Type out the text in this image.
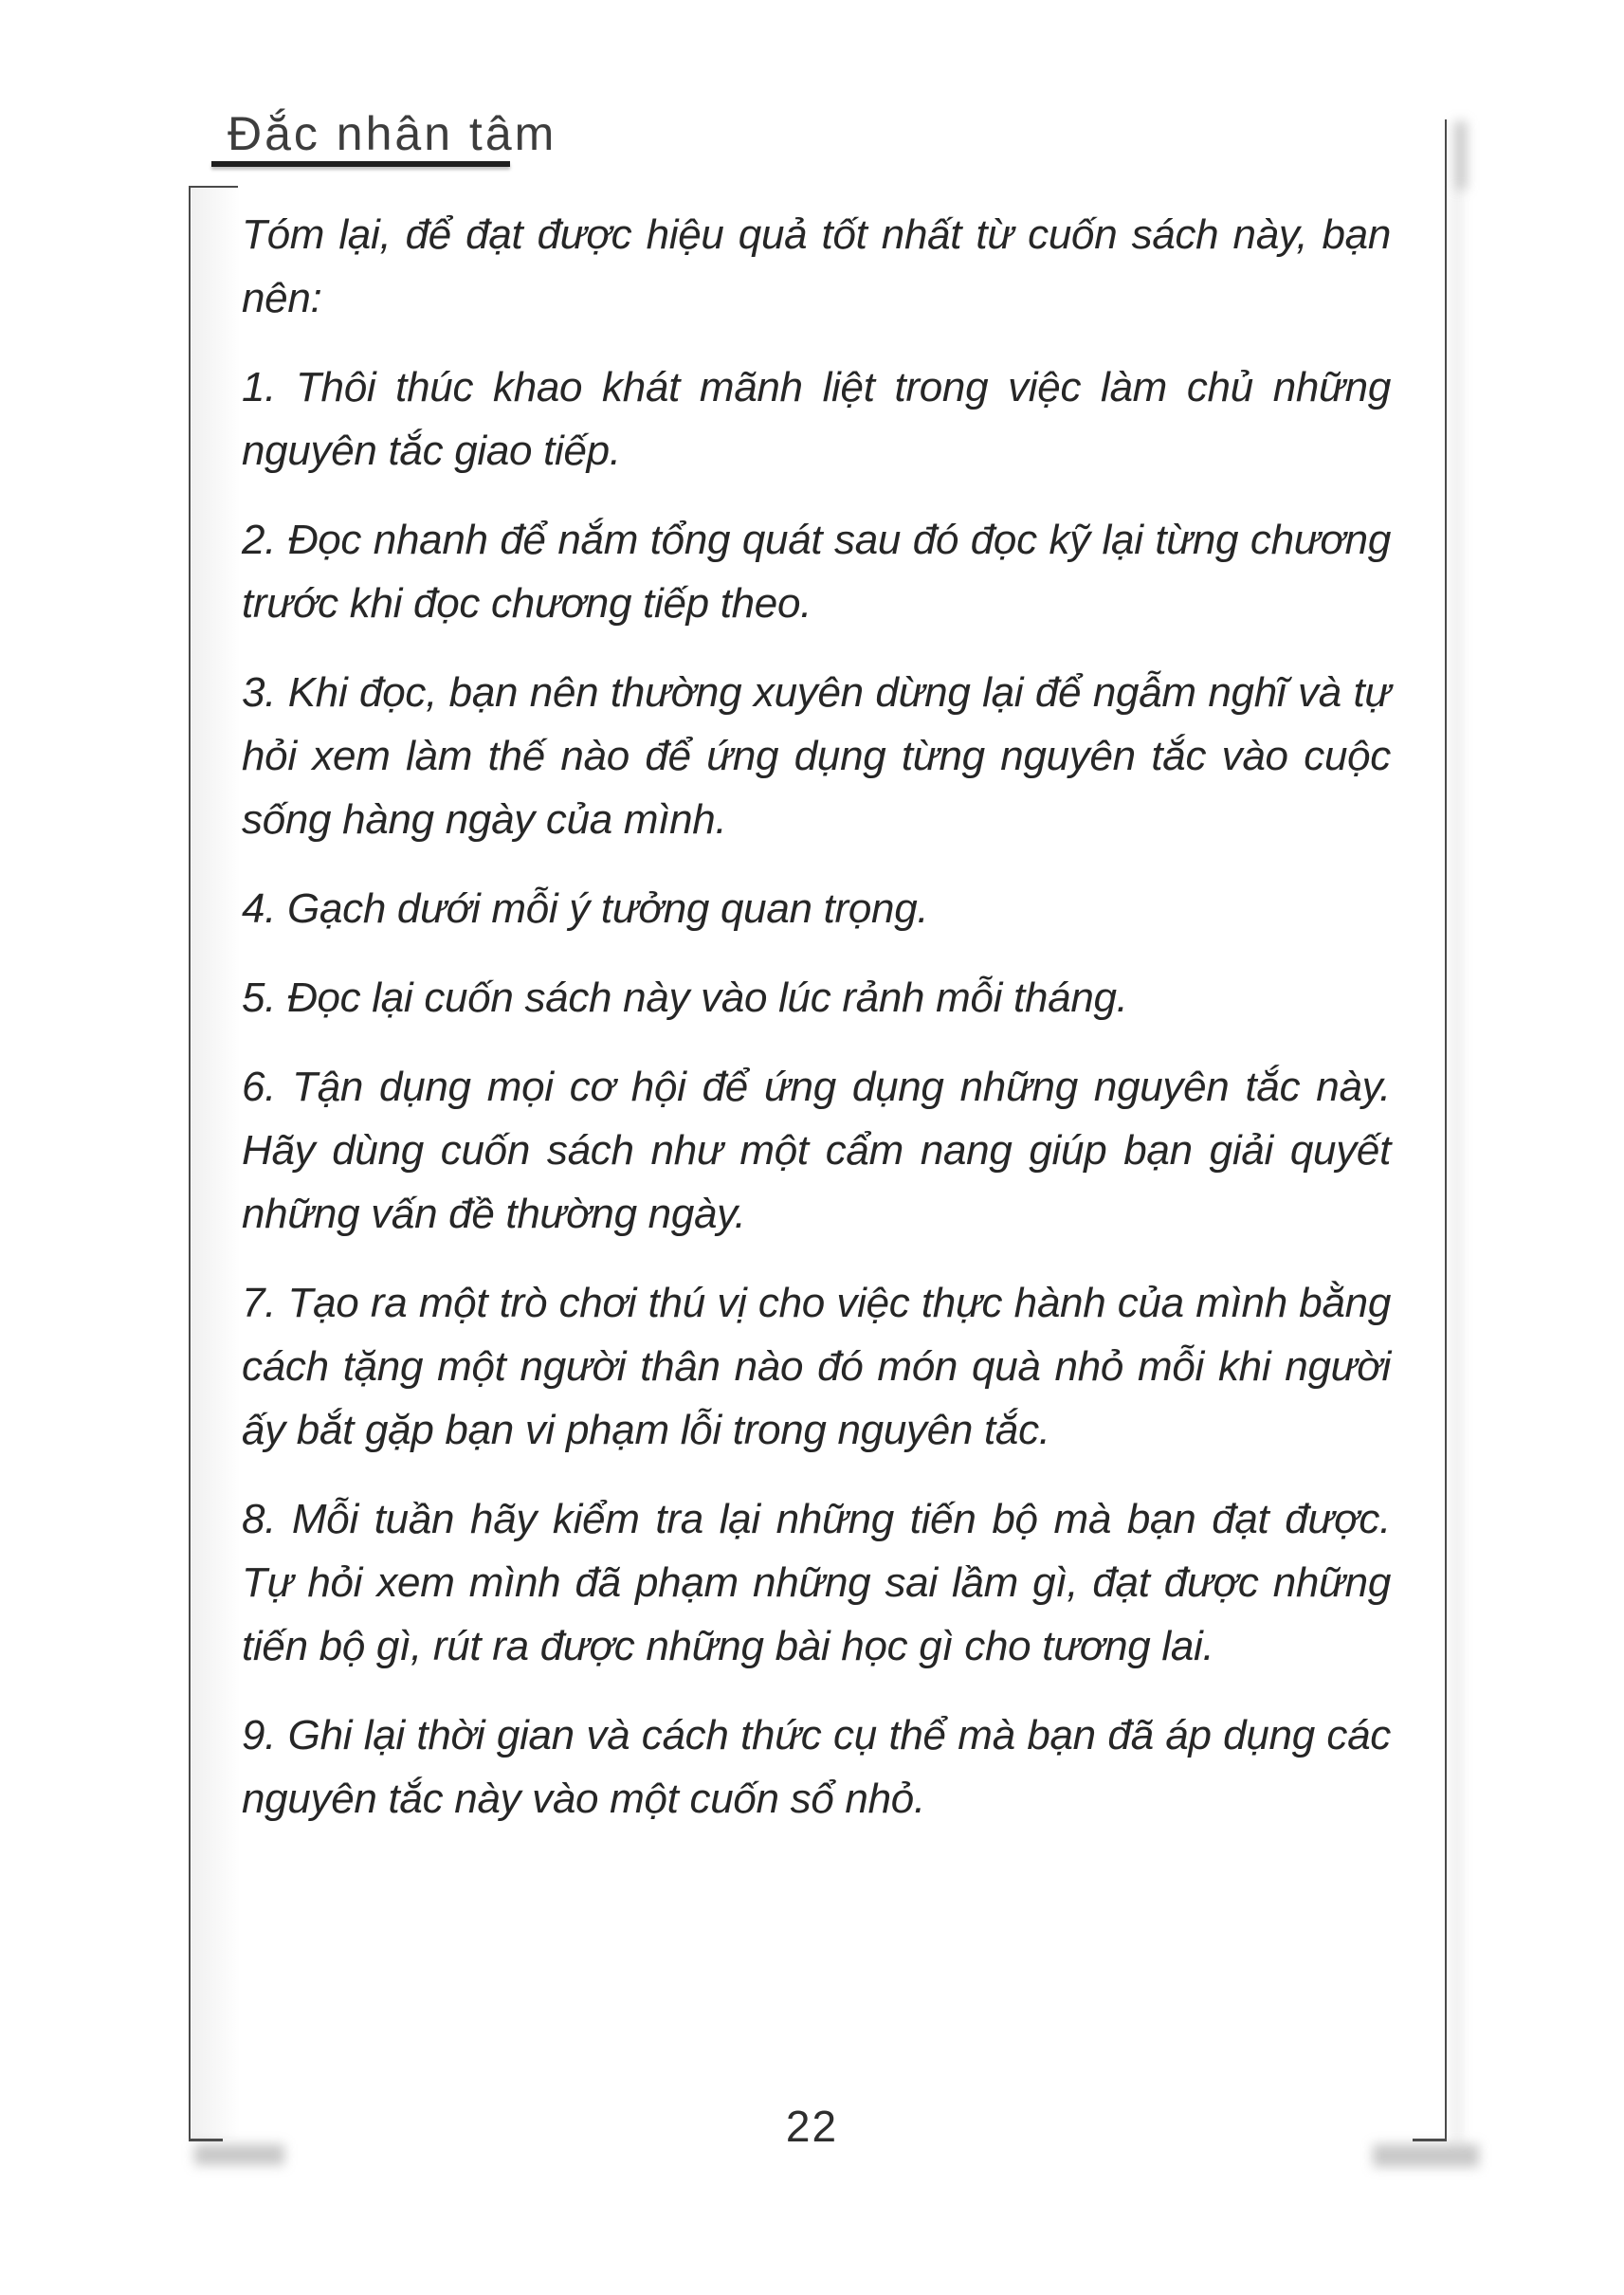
Đắc nhân tâm

Tóm lại, để đạt được hiệu quả tốt nhất từ cuốn sách này, bạn nên:

1. Thôi thúc khao khát mãnh liệt trong việc làm chủ những nguyên tắc giao tiếp.

2. Đọc nhanh để nắm tổng quát sau đó đọc kỹ lại từng chương trước khi đọc chương tiếp theo.

3. Khi đọc, bạn nên thường xuyên dừng lại để ngẫm nghĩ và tự hỏi xem làm thế nào để ứng dụng từng nguyên tắc vào cuộc sống hàng ngày của mình.

4. Gạch dưới mỗi ý tưởng quan trọng.

5. Đọc lại cuốn sách này vào lúc rảnh mỗi tháng.

6. Tận dụng mọi cơ hội để ứng dụng những nguyên tắc này. Hãy dùng cuốn sách như một cẩm nang giúp bạn giải quyết những vấn đề thường ngày.

7. Tạo ra một trò chơi thú vị cho việc thực hành của mình bằng cách tặng một người thân nào đó món quà nhỏ mỗi khi người ấy bắt gặp bạn vi phạm lỗi trong nguyên tắc.

8. Mỗi tuần hãy kiểm tra lại những tiến bộ mà bạn đạt được. Tự hỏi xem mình đã phạm những sai lầm gì, đạt được những tiến bộ gì, rút ra được những bài học gì cho tương lai.

9. Ghi lại thời gian và cách thức cụ thể mà bạn đã áp dụng các nguyên tắc này vào một cuốn sổ nhỏ.

22
